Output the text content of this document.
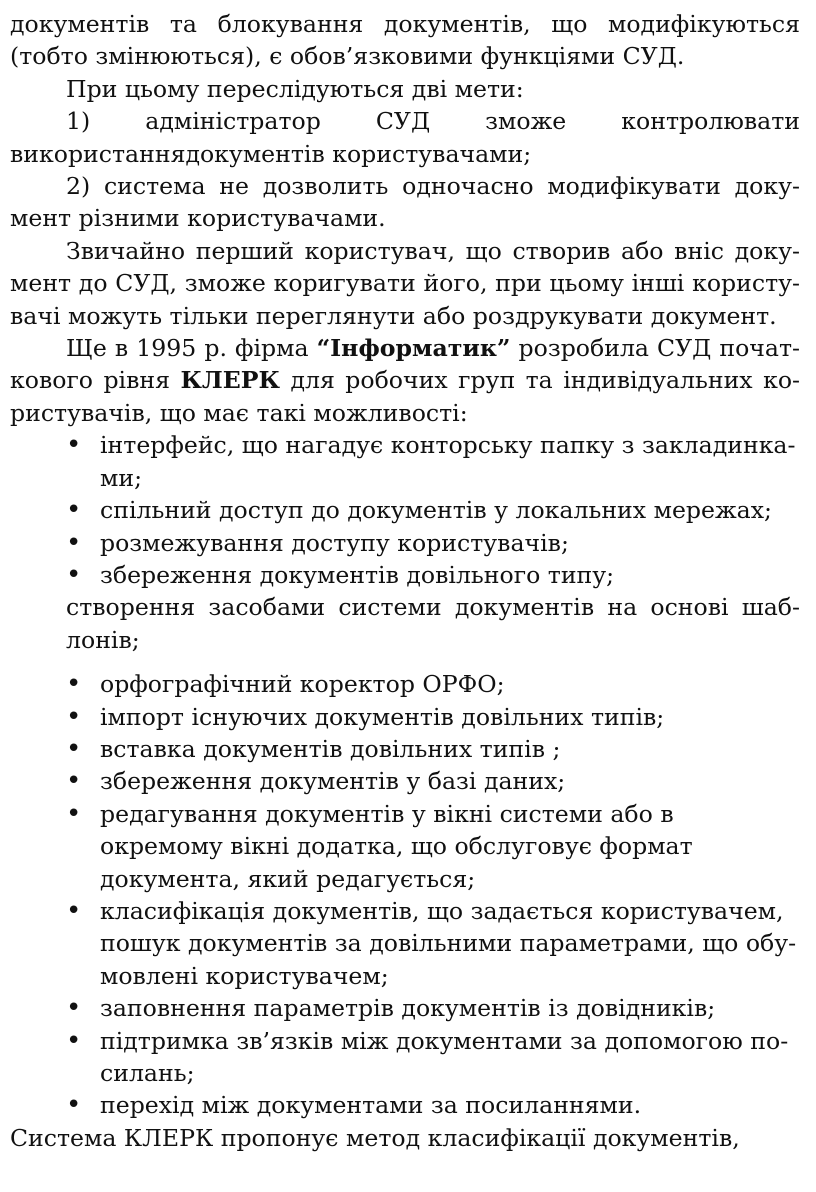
документів та блокування документів, що модифікуються (тобто змінюються), є обов’язковими функціями СУД.

При цьому переслідуються дві мети:

1) адміністратор СУД зможе контролювати використаннядокументів користувачами;

2) система не дозволить одночасно модифікувати документ різними користувачами.

Звичайно перший користувач, що створив або вніс документ до СУД, зможе коригувати його, при цьому інші користувачі можуть тільки переглянути або роздрукувати документ.

Ще в 1995 р. фірма “Інформатик” розробила СУД початкового рівня КЛЕРК для робочих груп та індивідуальних користувачів, що має такі можливості:

• інтерфейс, що нагадує конторську папку з закладинка-ми;
• спільний доступ до документів у локальних мережах;
• розмежування доступу користувачів;
• збереження документів довільного типу;

створення засобами системи документів на основі шаблонів;

• орфографічний коректор ОРФО;
• імпорт існуючих документів довільних типів;
• вставка документів довільних типів ;
• збереження документів у базі даних;
• редагування документів у вікні системи або в окремому вікні додатка, що обслуговує формат документа, який редагується;
• класифікація документів, що задається користувачем, пошук документів за довільними параметрами, що обумовлені користувачем;
• заповнення параметрів документів із довідників;
• підтримка зв’язків між документами за допомогою посилань;
• перехід між документами за посиланнями.

Система КЛЕРК пропонує метод класифікації документів,
